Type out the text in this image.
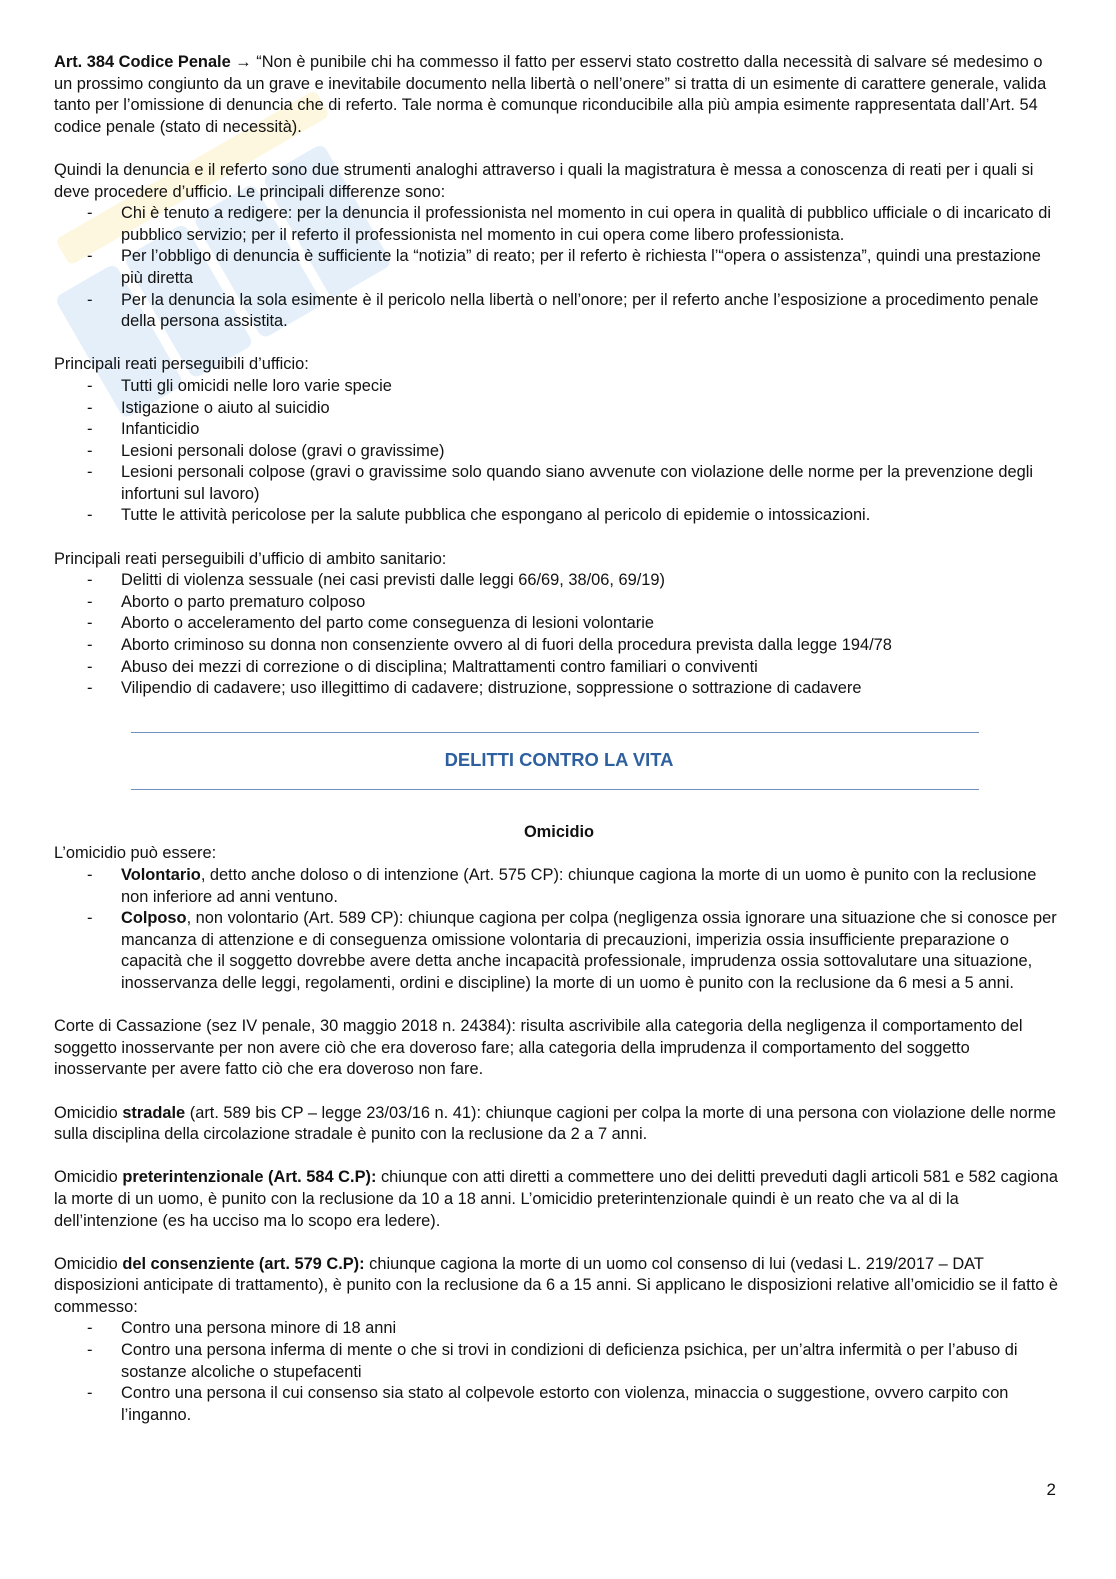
Art. 384 Codice Penale → “Non è punibile chi ha commesso il fatto per esservi stato costretto dalla necessità di salvare sé medesimo o un prossimo congiunto da un grave e inevitabile documento nella libertà o nell’onere” si tratta di un esimente di carattere generale, valida tanto per l’omissione di denuncia che di referto. Tale norma è comunque riconducibile alla più ampia esimente rappresentata dall’Art. 54 codice penale (stato di necessità).

Quindi la denuncia e il referto sono due strumenti analoghi attraverso i quali la magistratura è messa a conoscenza di reati per i quali si deve procedere d’ufficio. Le principali differenze sono:

- Chi è tenuto a redigere: per la denuncia il professionista nel momento in cui opera in qualità di pubblico ufficiale o di incaricato di pubblico servizio; per il referto il professionista nel momento in cui opera come libero professionista.
- Per l’obbligo di denuncia è sufficiente la “notizia” di reato; per il referto è richiesta l’“opera o assistenza”, quindi una prestazione più diretta
- Per la denuncia la sola esimente è il pericolo nella libertà o nell’onore; per il referto anche l’esposizione a procedimento penale della persona assistita.

Principali reati perseguibili d’ufficio:

- Tutti gli omicidi nelle loro varie specie
- Istigazione o aiuto al suicidio
- Infanticidio
- Lesioni personali dolose (gravi o gravissime)
- Lesioni personali colpose (gravi o gravissime solo quando siano avvenute con violazione delle norme per la prevenzione degli infortuni sul lavoro)
- Tutte le attività pericolose per la salute pubblica che espongano al pericolo di epidemie o intossicazioni.

Principali reati perseguibili d’ufficio di ambito sanitario:

- Delitti di violenza sessuale (nei casi previsti dalle leggi 66/69, 38/06, 69/19)
- Aborto o parto prematuro colposo
- Aborto o acceleramento del parto come conseguenza di lesioni volontarie
- Aborto criminoso su donna non consenziente ovvero al di fuori della procedura prevista dalla legge 194/78
- Abuso dei mezzi di correzione o di disciplina; Maltrattamenti contro familiari o conviventi
- Vilipendio di cadavere; uso illegittimo di cadavere; distruzione, soppressione o sottrazione di cadavere
DELITTI CONTRO LA VITA

Omicidio

L’omicidio può essere:

- Volontario, detto anche doloso o di intenzione (Art. 575 CP): chiunque cagiona la morte di un uomo è punito con la reclusione non inferiore ad anni ventuno.
- Colposo, non volontario (Art. 589 CP): chiunque cagiona per colpa (negligenza ossia ignorare una situazione che si conosce per mancanza di attenzione e di conseguenza omissione volontaria di precauzioni, imperizia ossia insufficiente preparazione o capacità che il soggetto dovrebbe avere detta anche incapacità professionale, imprudenza ossia sottovalutare una situazione, inosservanza delle leggi, regolamenti, ordini e discipline) la morte di un uomo è punito con la reclusione da 6 mesi a 5 anni.

Corte di Cassazione (sez IV penale, 30 maggio 2018 n. 24384): risulta ascrivibile alla categoria della negligenza il comportamento del soggetto inosservante per non avere ciò che era doveroso fare; alla categoria della imprudenza il comportamento del soggetto inosservante per avere fatto ciò che era doveroso non fare.

Omicidio stradale (art. 589 bis CP – legge 23/03/16 n. 41): chiunque cagioni per colpa la morte di una persona con violazione delle norme sulla disciplina della circolazione stradale è punito con la reclusione da 2 a 7 anni.

Omicidio preterintenzionale (Art. 584 C.P): chiunque con atti diretti a commettere uno dei delitti preveduti dagli articoli 581 e 582 cagiona la morte di un uomo, è punito con la reclusione da 10 a 18 anni. L’omicidio preterintenzionale quindi è un reato che va al di la dell’intenzione (es ha ucciso ma lo scopo era ledere).

Omicidio del consenziente (art. 579 C.P): chiunque cagiona la morte di un uomo col consenso di lui (vedasi L. 219/2017 – DAT disposizioni anticipate di trattamento), è punito con la reclusione da 6 a 15 anni. Si applicano le disposizioni relative all’omicidio se il fatto è commesso:

- Contro una persona minore di 18 anni
- Contro una persona inferma di mente o che si trovi in condizioni di deficienza psichica, per un’altra infermità o per l’abuso di sostanze alcoliche o stupefacenti
- Contro una persona il cui consenso sia stato al colpevole estorto con violenza, minaccia o suggestione, ovvero carpito con l’inganno.
2
